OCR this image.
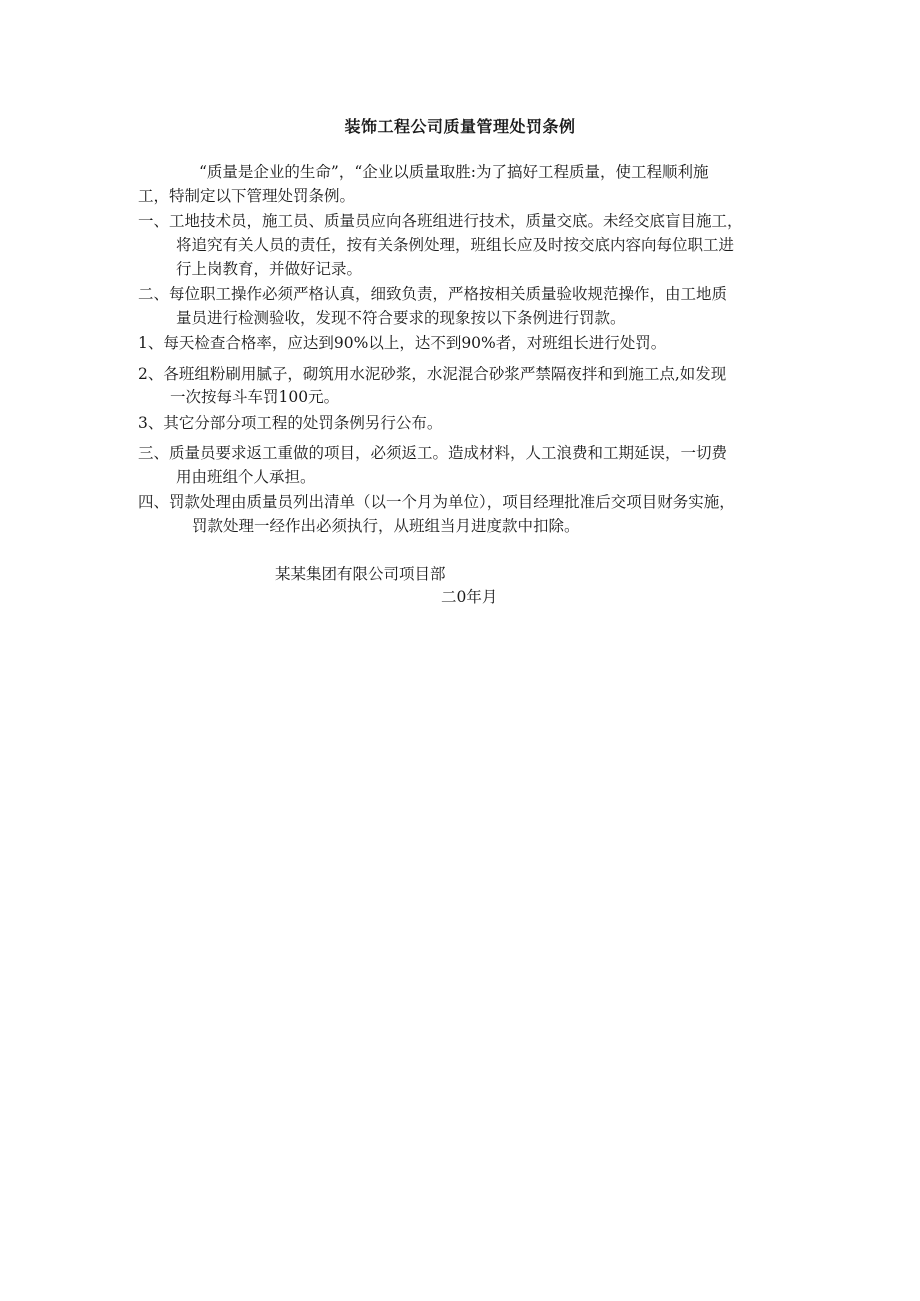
装饰工程公司质量管理处罚条例
“质量是企业的生命”，“企业以质量取胜:为了搞好工程质量，使工程顺利施
工，特制定以下管理处罚条例。
一、工地技术员，施工员、质量员应向各班组进行技术，质量交底。未经交底盲目施工，
将追究有关人员的责任，按有关条例处理，班组长应及时按交底内容向每位职工进
行上岗教育，并做好记录。
二、每位职工操作必须严格认真，细致负责，严格按相关质量验收规范操作，由工地质
量员进行检测验收，发现不符合要求的现象按以下条例进行罚款。
1、每天检查合格率，应达到90%以上，达不到90%者，对班组长进行处罚。
2、各班组粉刷用腻子，砌筑用水泥砂浆，水泥混合砂浆严禁隔夜拌和到施工点,如发现
一次按每斗车罚100元。
3、其它分部分项工程的处罚条例另行公布。
三、质量员要求返工重做的项目，必须返工。造成材料，人工浪费和工期延误，一切费
用由班组个人承担。
四、罚款处理由质量员列出清单（以一个月为单位），项目经理批准后交项目财务实施，
罚款处理一经作出必须执行，从班组当月进度款中扣除。
某某集团有限公司项目部
二0年月
